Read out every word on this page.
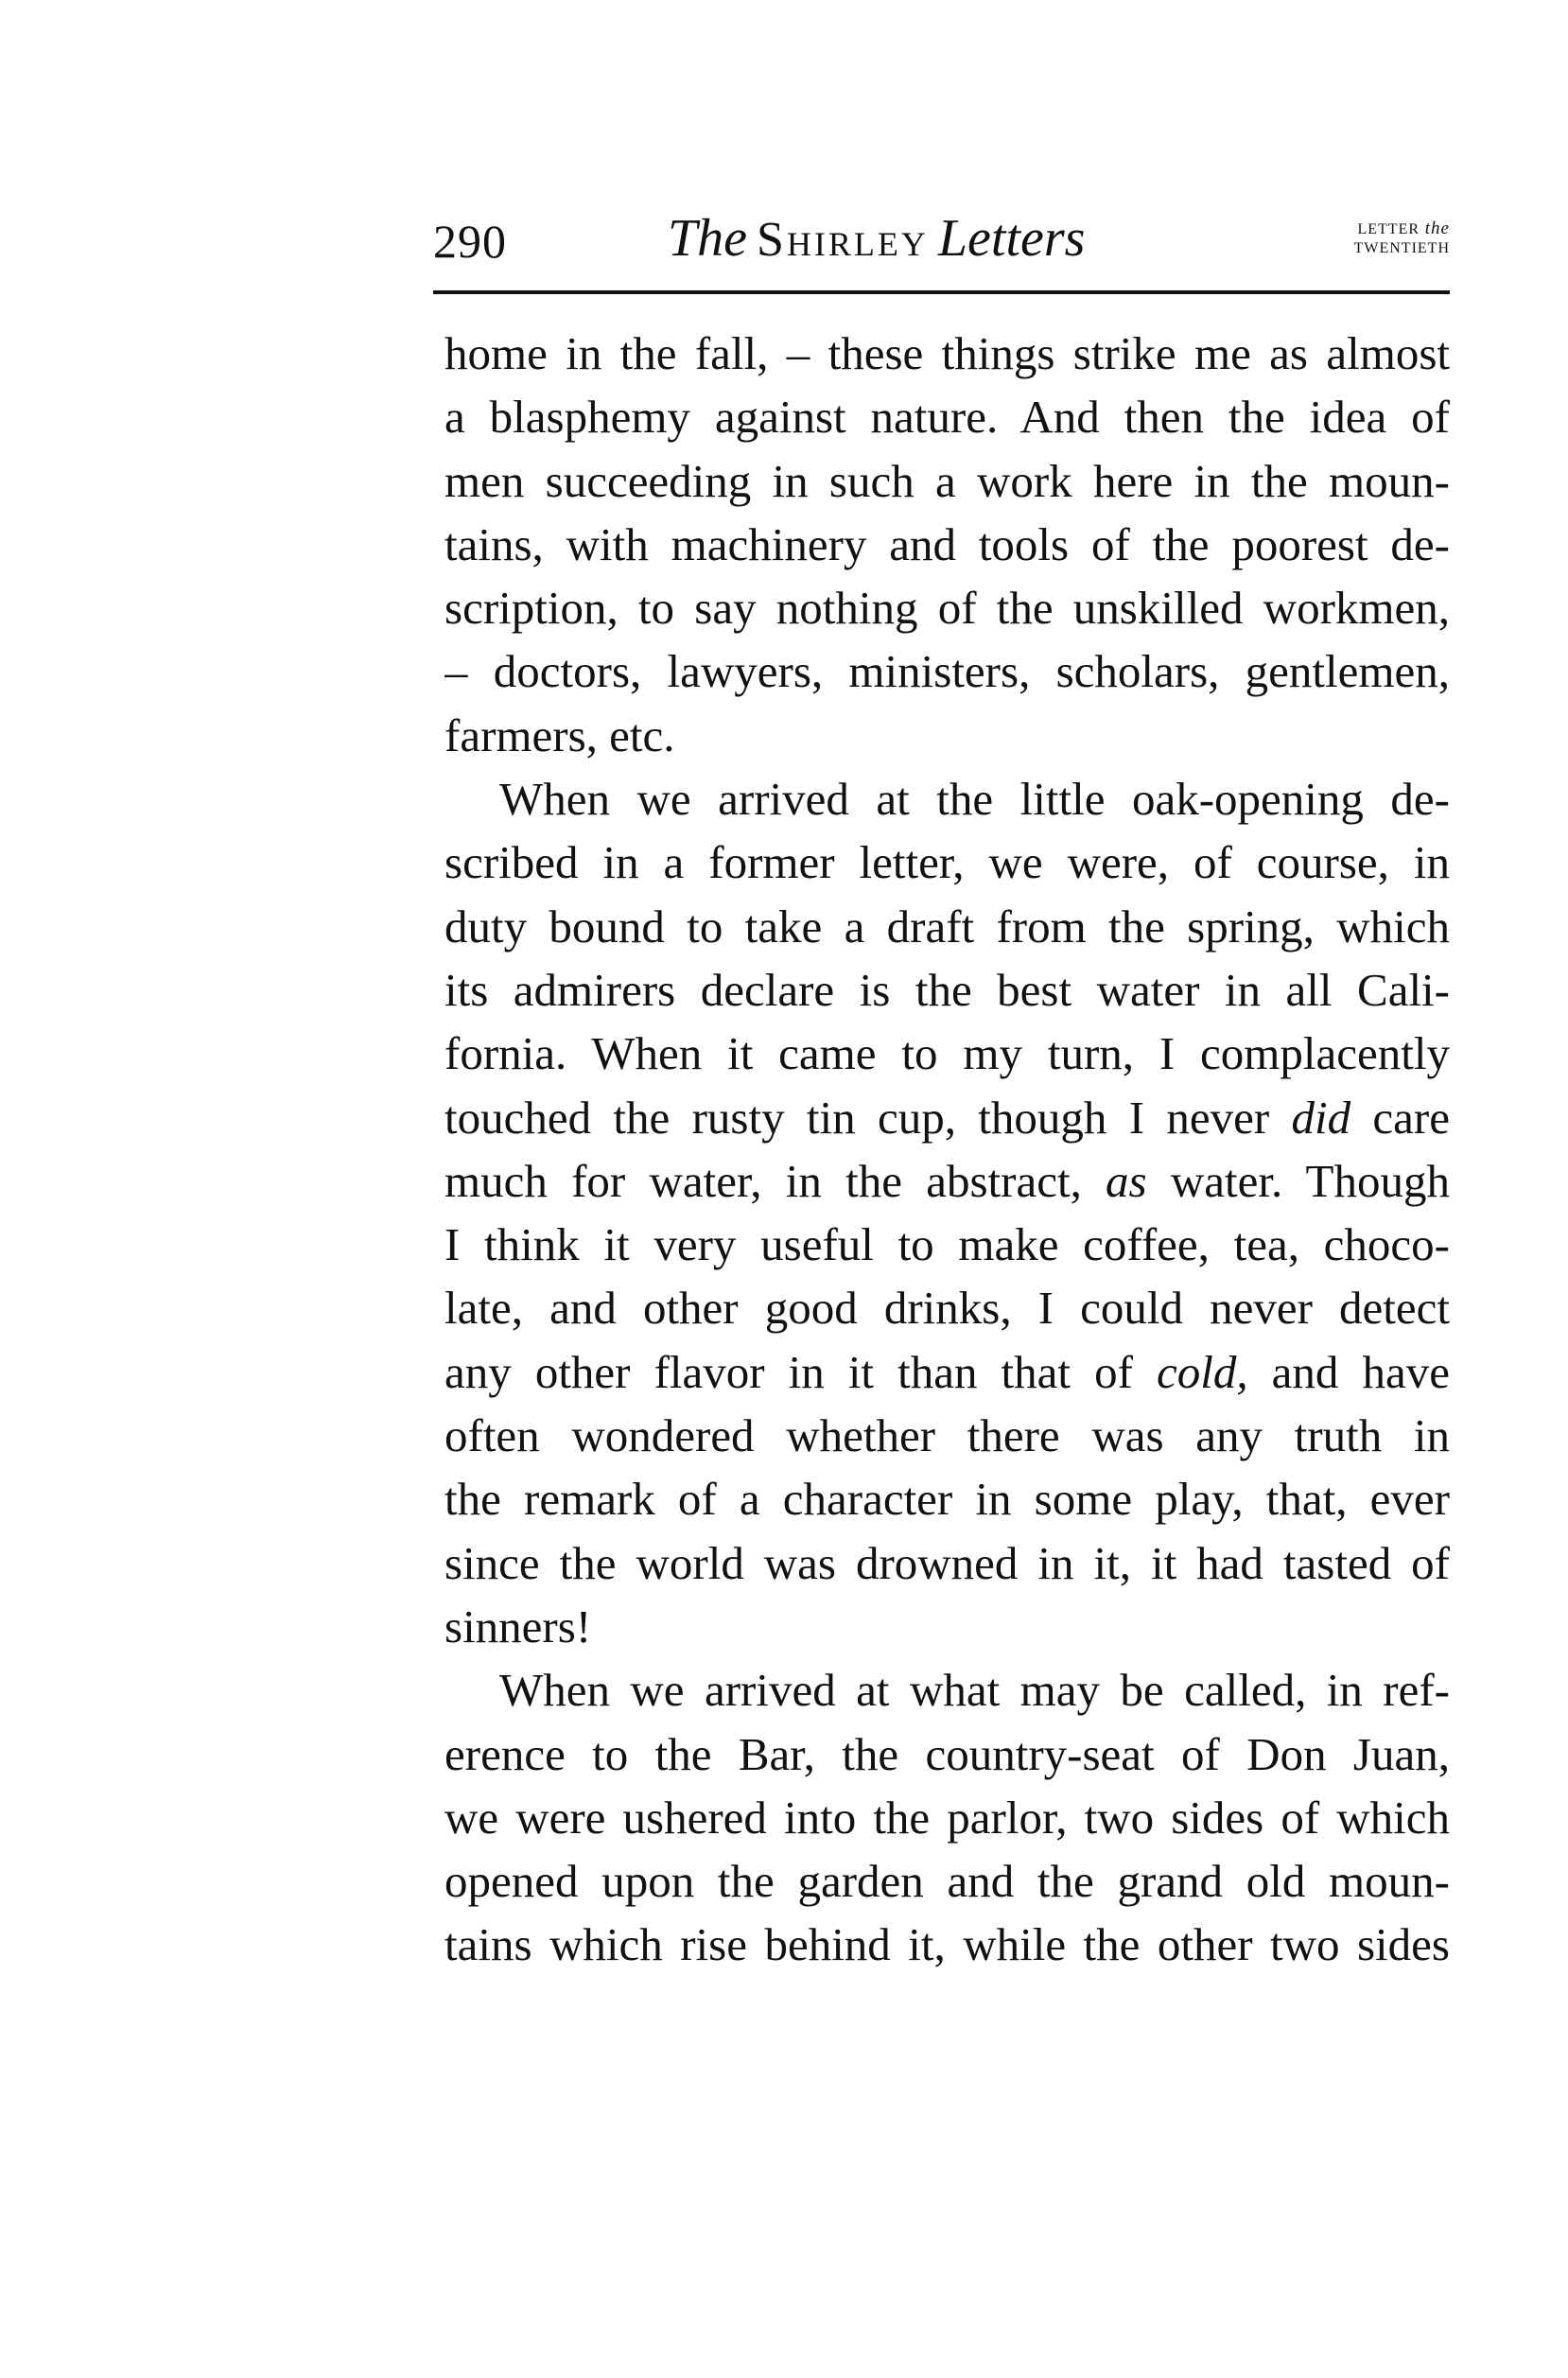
290	The Shirley Letters	LETTER the
TWENTIETH
home in the fall, – these things strike me as almost
a blasphemy against nature. And then the idea of
men succeeding in such a work here in the moun-
tains, with machinery and tools of the poorest de-
scription, to say nothing of the unskilled workmen,
– doctors, lawyers, ministers, scholars, gentlemen,
farmers, etc.
When we arrived at the little oak-opening de-
scribed in a former letter, we were, of course, in
duty bound to take a draft from the spring, which
its admirers declare is the best water in all Cali-
fornia. When it came to my turn, I complacently
touched the rusty tin cup, though I never did care
much for water, in the abstract, as water. Though
I think it very useful to make coffee, tea, choco-
late, and other good drinks, I could never detect
any other flavor in it than that of cold, and have
often wondered whether there was any truth in
the remark of a character in some play, that, ever
since the world was drowned in it, it had tasted of
sinners!
When we arrived at what may be called, in ref-
erence to the Bar, the country-seat of Don Juan,
we were ushered into the parlor, two sides of which
opened upon the garden and the grand old moun-
tains which rise behind it, while the other two sides
